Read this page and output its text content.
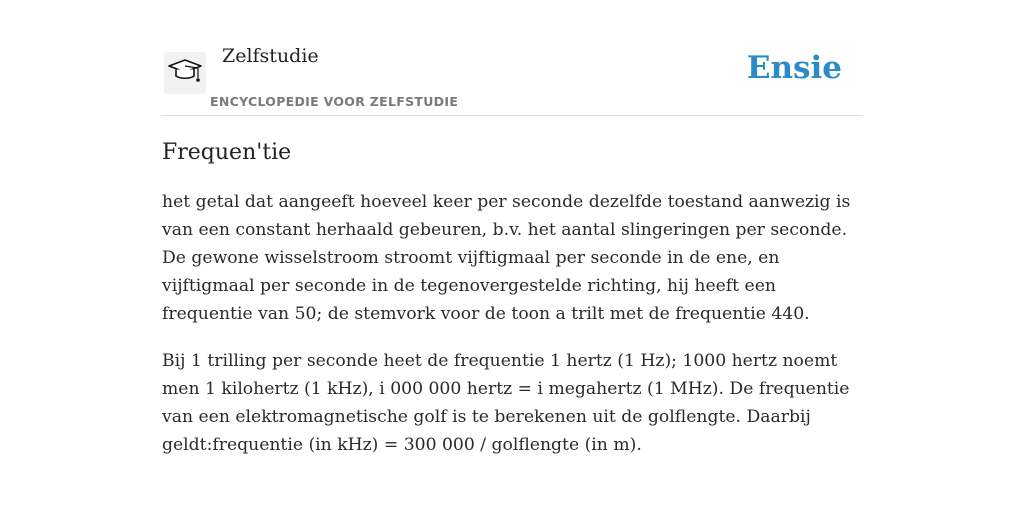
Zelfstudie
ENCYCLOPEDIE VOOR ZELFSTUDIE
Ensie
Frequen'tie

het getal dat aangeeft hoeveel keer per seconde dezelfde toestand aanwezig is van een constant herhaald gebeuren, b.v. het aantal slingeringen per seconde. De gewone wisselstroom stroomt vijftigmaal per seconde in de ene, en vijftigmaal per seconde in de tegenovergestelde richting, hij heeft een frequentie van 50; de stemvork voor de toon a trilt met de frequentie 440.

Bij 1 trilling per seconde heet de frequentie 1 hertz (1 Hz); 1000 hertz noemt men 1 kilohertz (1 kHz), i 000 000 hertz = i megahertz (1 MHz). De frequentie van een elektromagnetische golf is te berekenen uit de golflengte. Daarbij geldt:frequentie (in kHz) = 300 000 / golflengte (in m).
